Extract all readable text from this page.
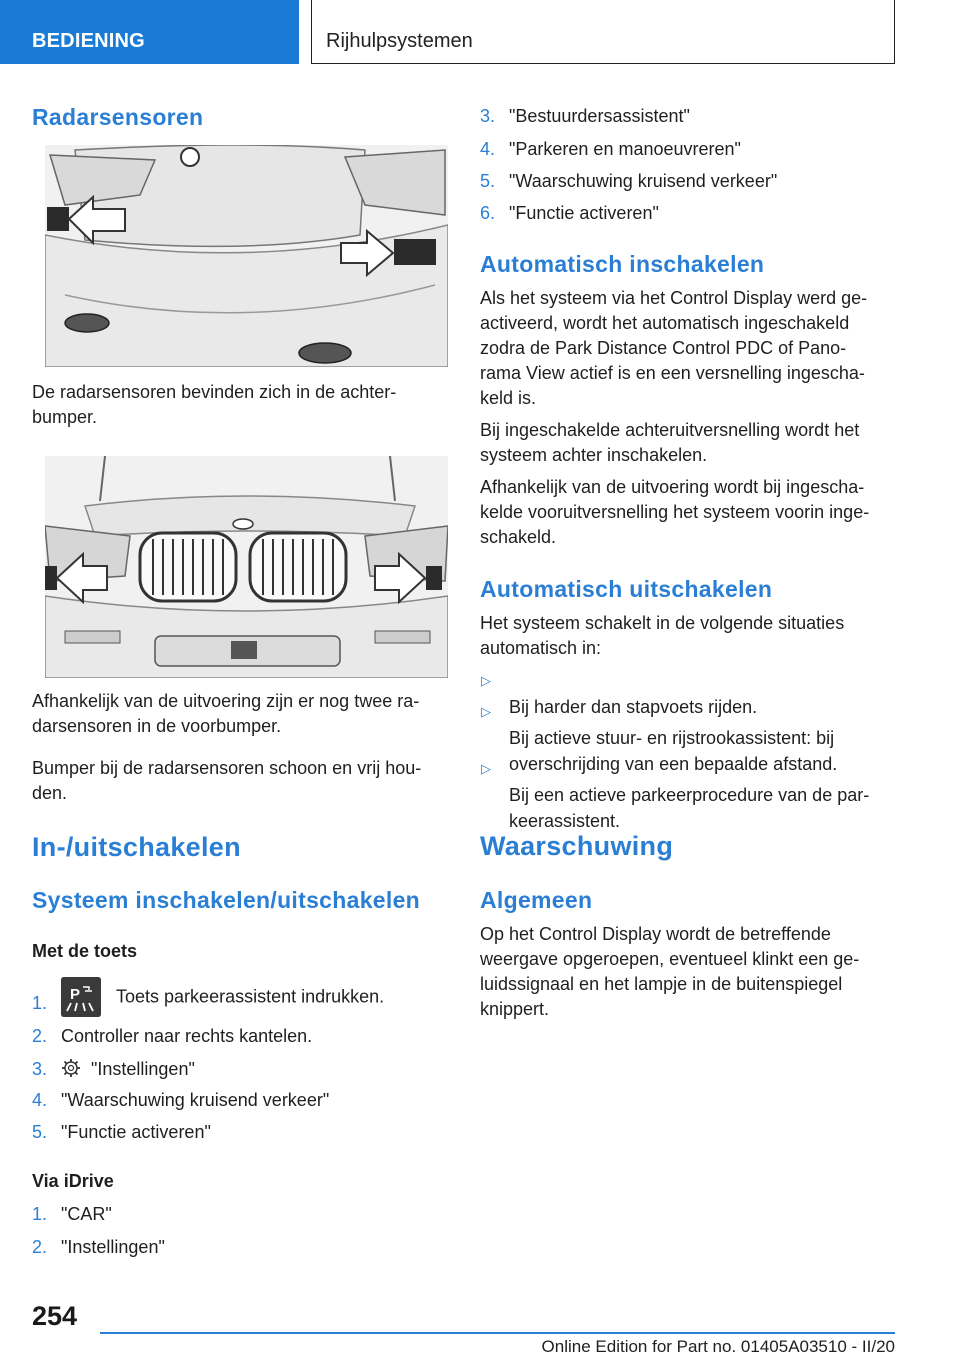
BEDIENING	Rijhulpsystemen
Radarsensoren

De radarsensoren bevinden zich in de achter-
bumper.

Afhankelijk van de uitvoering zijn er nog twee ra-
darsensoren in de voorbumper.

Bumper bij de radarsensoren schoon en vrij hou-
den.

In-/uitschakelen
Systeem inschakelen/uitschakelen
Met de toets
1. P Toets parkeerassistent indrukken.
2. Controller naar rechts kantelen.
3. "Instellingen"
4. "Waarschuwing kruisend verkeer"
5. "Functie activeren"
Via iDrive
1. "CAR"
2. "Instellingen"
3. "Bestuurdersassistent"
4. "Parkeren en manoeuvreren"
5. "Waarschuwing kruisend verkeer"
6. "Functie activeren"
Automatisch inschakelen

Als het systeem via het Control Display werd ge-
activeerd, wordt het automatisch ingeschakeld
zodra de Park Distance Control PDC of Pano-
rama View actief is en een versnelling ingescha-
keld is.

Bij ingeschakelde achteruitversnelling wordt het
systeem achter inschakelen.

Afhankelijk van de uitvoering wordt bij ingescha-
kelde vooruitversnelling het systeem voorin inge-
schakeld.

Automatisch uitschakelen

Het systeem schakelt in de volgende situaties
automatisch in:

▷
Bij harder dan stapvoets rijden.

▷
Bij actieve stuur- en rijstrookassistent: bij
overschrijding van een bepaalde afstand.

▷
Bij een actieve parkeerprocedure van de par-
keerassistent.

Waarschuwing
Algemeen

Op het Control Display wordt de betreffende
weergave opgeroepen, eventueel klinkt een ge-
luidssignaal en het lampje in de buitenspiegel
knippert.

254
Online Edition for Part no. 01405A03510 - II/20
